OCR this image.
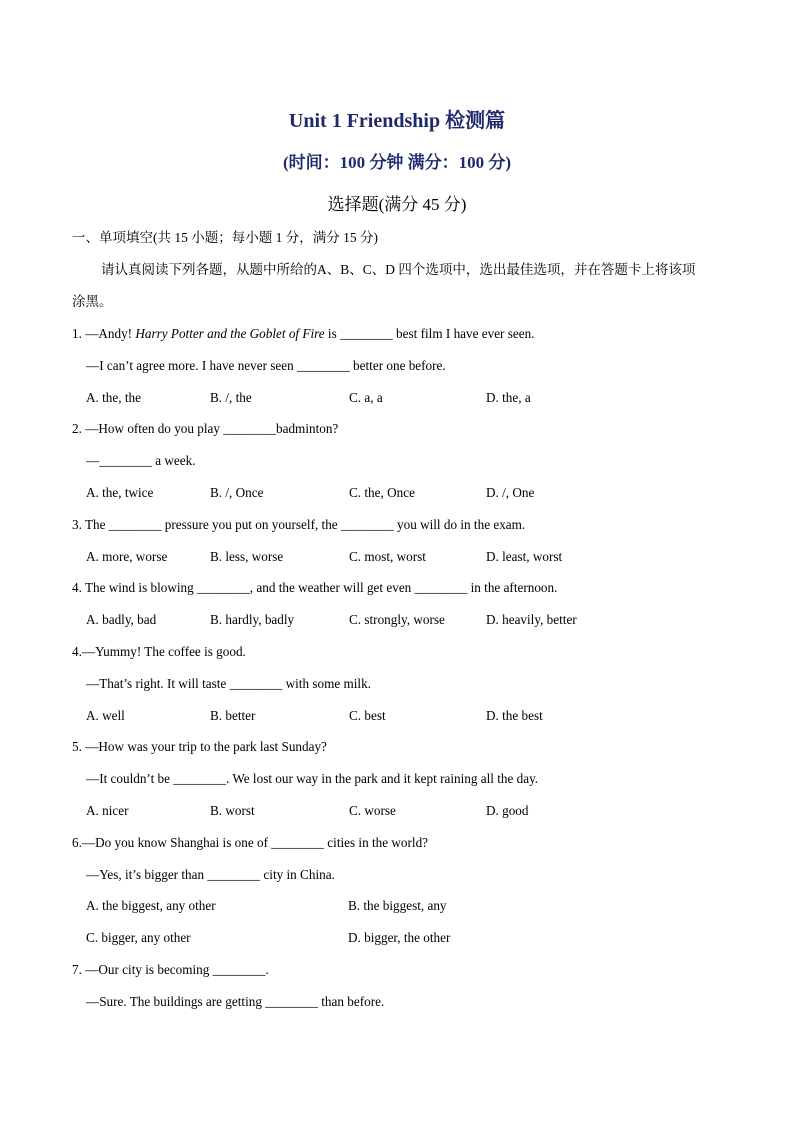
Unit 1 Friendship 检测篇
(时间：100 分钟 满分：100 分)
选择题(满分 45 分)
一、单项填空(共 15 小题；每小题 1 分，满分 15 分)
请认真阅读下列各题，从题中所给的A、B、C、D 四个选项中，选出最佳选项，并在答题卡上将该项
涂黑。
1. —Andy! Harry Potter and the Goblet of Fire is ________ best film I have ever seen.
—I can’t agree more. I have never seen ________ better one before.
A. the, the	B. /, the	C. a, a	D. the, a
2. —How often do you play ________badminton?
—________ a week.
A. the, twice	B. /, Once	C. the, Once	D. /, One
3. The ________ pressure you put on yourself, the ________ you will do in the exam.
A. more, worse	B. less, worse	C. most, worst	D. least, worst
4. The wind is blowing ________, and the weather will get even ________ in the afternoon.
A. badly, bad	B. hardly, badly	C. strongly, worse	D. heavily, better
4.—Yummy! The coffee is good.
—That’s right. It will taste ________ with some milk.
A. well	B. better	C. best	D. the best
5. —How was your trip to the park last Sunday?
—It couldn’t be ________. We lost our way in the park and it kept raining all the day.
A. nicer	B. worst	C. worse	D. good
6.—Do you know Shanghai is one of ________ cities in the world?
—Yes, it’s bigger than ________ city in China.
A. the biggest, any other	B. the biggest, any
C. bigger, any other	D. bigger, the other
7. —Our city is becoming ________.
—Sure. The buildings are getting ________ than before.
